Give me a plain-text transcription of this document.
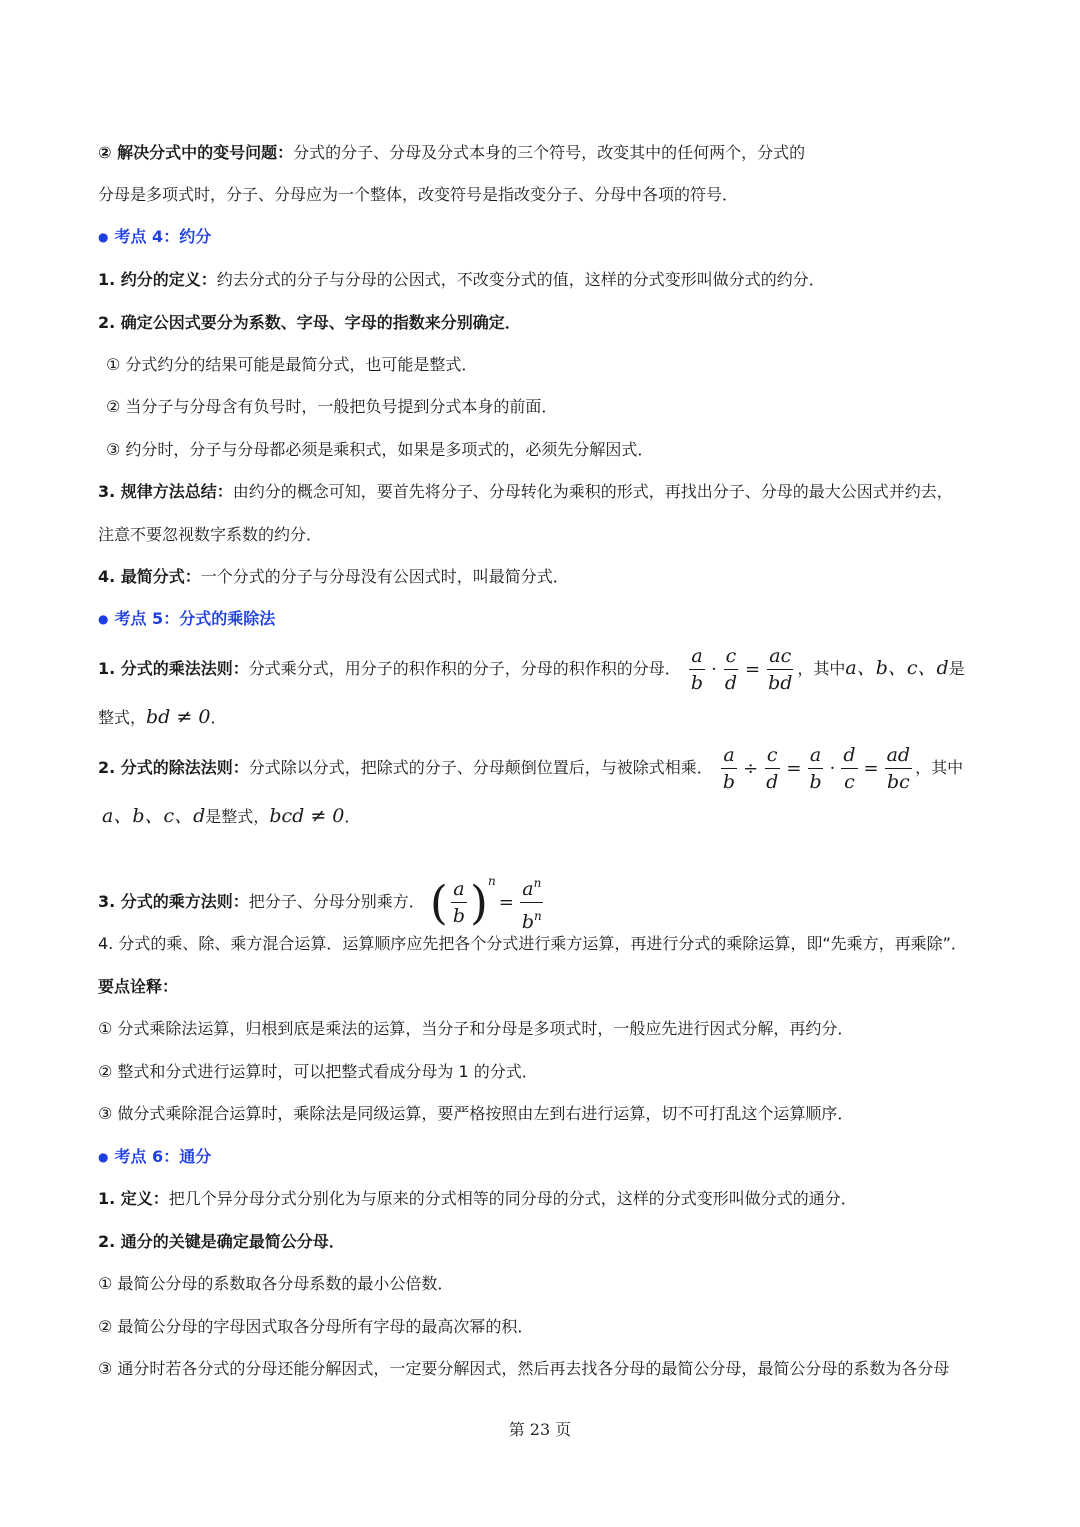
② 解决分式中的变号问题：分式的分子、分母及分式本身的三个符号，改变其中的任何两个，分式的
分母是多项式时，分子、分母应为一个整体，改变符号是指改变分子、分母中各项的符号．
● 考点 4：约分
1. 约分的定义：约去分式的分子与分母的公因式，不改变分式的值，这样的分式变形叫做分式的约分．
2. 确定公因式要分为系数、字母、字母的指数来分别确定．
① 分式约分的结果可能是最简分式，也可能是整式．
② 当分子与分母含有负号时，一般把负号提到分式本身的前面．
③ 约分时，分子与分母都必须是乘积式，如果是多项式的，必须先分解因式．
3. 规律方法总结：由约分的概念可知，要首先将分子、分母转化为乘积的形式，再找出分子、分母的最大公因式并约去，
注意不要忽视数字系数的约分．
4. 最简分式：一个分式的分子与分母没有公因式时，叫最简分式．
● 考点 5：分式的乘除法
1. 分式的乘法法则：分式乘分式，用分子的积作积的分子，分母的积作积的分母． $\frac{a}{b} \cdot \frac{c}{d} = \frac{ac}{bd}$ ，其中a、b、c、d是
整式，bd ≠ 0．
2. 分式的除法法则：分式除以分式，把除式的分子、分母颠倒位置后，与被除式相乘． $\frac{a}{b} \div \frac{c}{d} = \frac{a}{b} \cdot \frac{d}{c} = \frac{ad}{bc}$ ，其中
a、b、c、d是整式，bcd ≠ 0．
3. 分式的乘方法则：把分子、分母分别乘方． ( $\frac{a}{b} )^n= \frac{a^n}{b^n}$
4. 分式的乘、除、乘方混合运算．运算顺序应先把各个分式进行乘方运算，再进行分式的乘除运算，即“先乘方，再乘除”．
要点诠释：
① 分式乘除法运算，归根到底是乘法的运算，当分子和分母是多项式时，一般应先进行因式分解，再约分．
② 整式和分式进行运算时，可以把整式看成分母为 1 的分式．
③ 做分式乘除混合运算时，乘除法是同级运算，要严格按照由左到右进行运算，切不可打乱这个运算顺序．
● 考点 6：通分
1. 定义：把几个异分母分式分别化为与原来的分式相等的同分母的分式，这样的分式变形叫做分式的通分．
2. 通分的关键是确定最简公分母．
① 最简公分母的系数取各分母系数的最小公倍数．
② 最简公分母的字母因式取各分母所有字母的最高次幂的积．
③ 通分时若各分式的分母还能分解因式，一定要分解因式，然后再去找各分母的最简公分母，最简公分母的系数为各分母
第 23 页
